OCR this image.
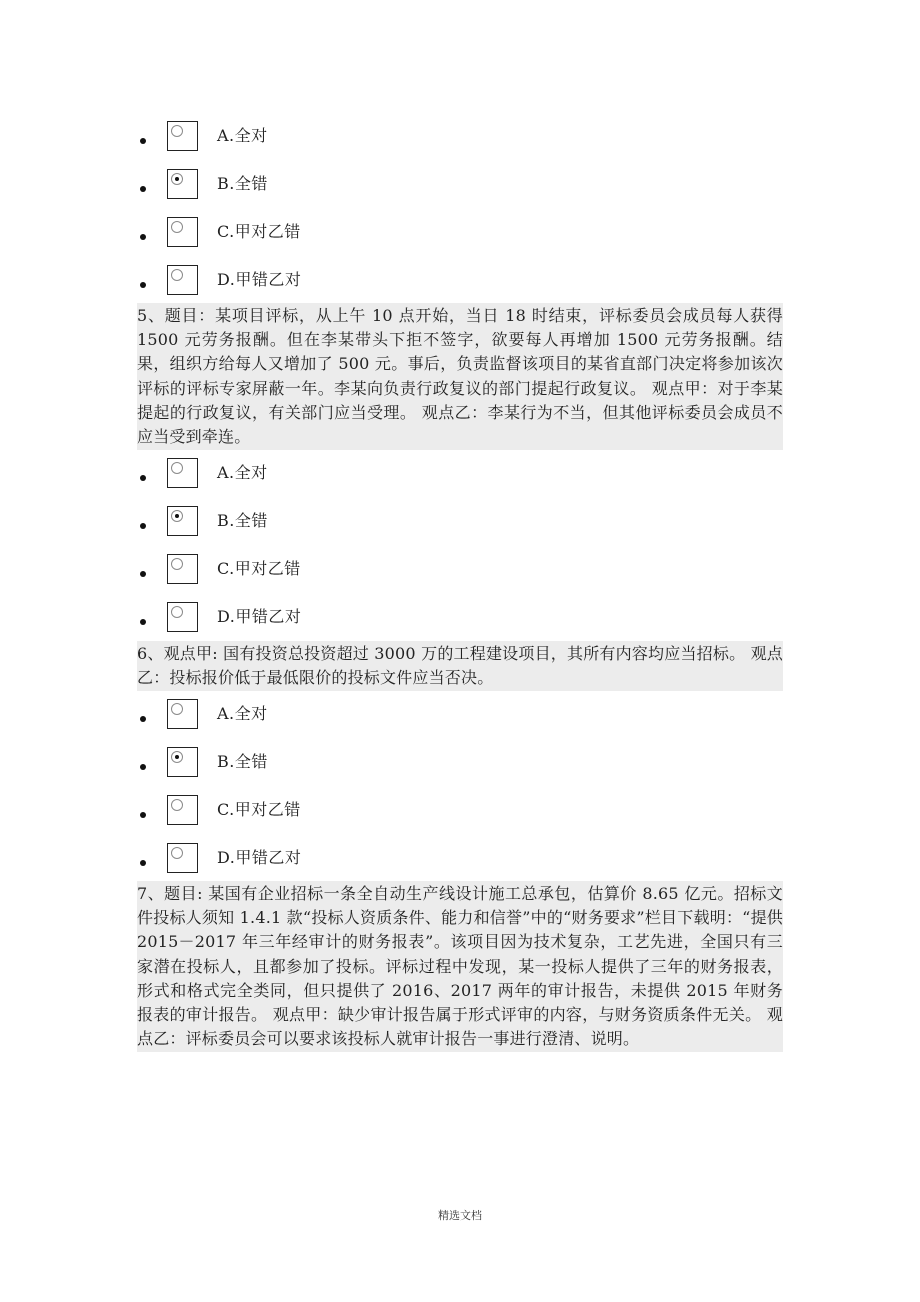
A.全对
B.全错
C.甲对乙错
D.甲错乙对
5、题目：某项目评标，从上午 10 点开始，当日 18 时结束，评标委员会成员每人获得 1500 元劳务报酬。但在李某带头下拒不签字，欲要每人再增加 1500 元劳务报酬。结果，组织方给每人又增加了 500 元。事后，负责监督该项目的某省直部门决定将参加该次评标的评标专家屏蔽一年。李某向负责行政复议的部门提起行政复议。 观点甲：对于李某提起的行政复议，有关部门应当受理。 观点乙：李某行为不当，但其他评标委员会成员不应当受到牵连。
A.全对
B.全错
C.甲对乙错
D.甲错乙对
6、观点甲: 国有投资总投资超过 3000 万的工程建设项目，其所有内容均应当招标。 观点乙：投标报价低于最低限价的投标文件应当否决。
A.全对
B.全错
C.甲对乙错
D.甲错乙对
7、题目: 某国有企业招标一条全自动生产线设计施工总承包，估算价 8.65 亿元。招标文件投标人须知 1.4.1 款“投标人资质条件、能力和信誉”中的“财务要求”栏目下载明：“提供 2015－2017 年三年经审计的财务报表”。该项目因为技术复杂，工艺先进，全国只有三家潜在投标人，且都参加了投标。评标过程中发现，某一投标人提供了三年的财务报表，形式和格式完全类同，但只提供了 2016、2017 两年的审计报告，未提供 2015 年财务报表的审计报告。 观点甲：缺少审计报告属于形式评审的内容，与财务资质条件无关。 观点乙：评标委员会可以要求该投标人就审计报告一事进行澄清、说明。
精选文档
